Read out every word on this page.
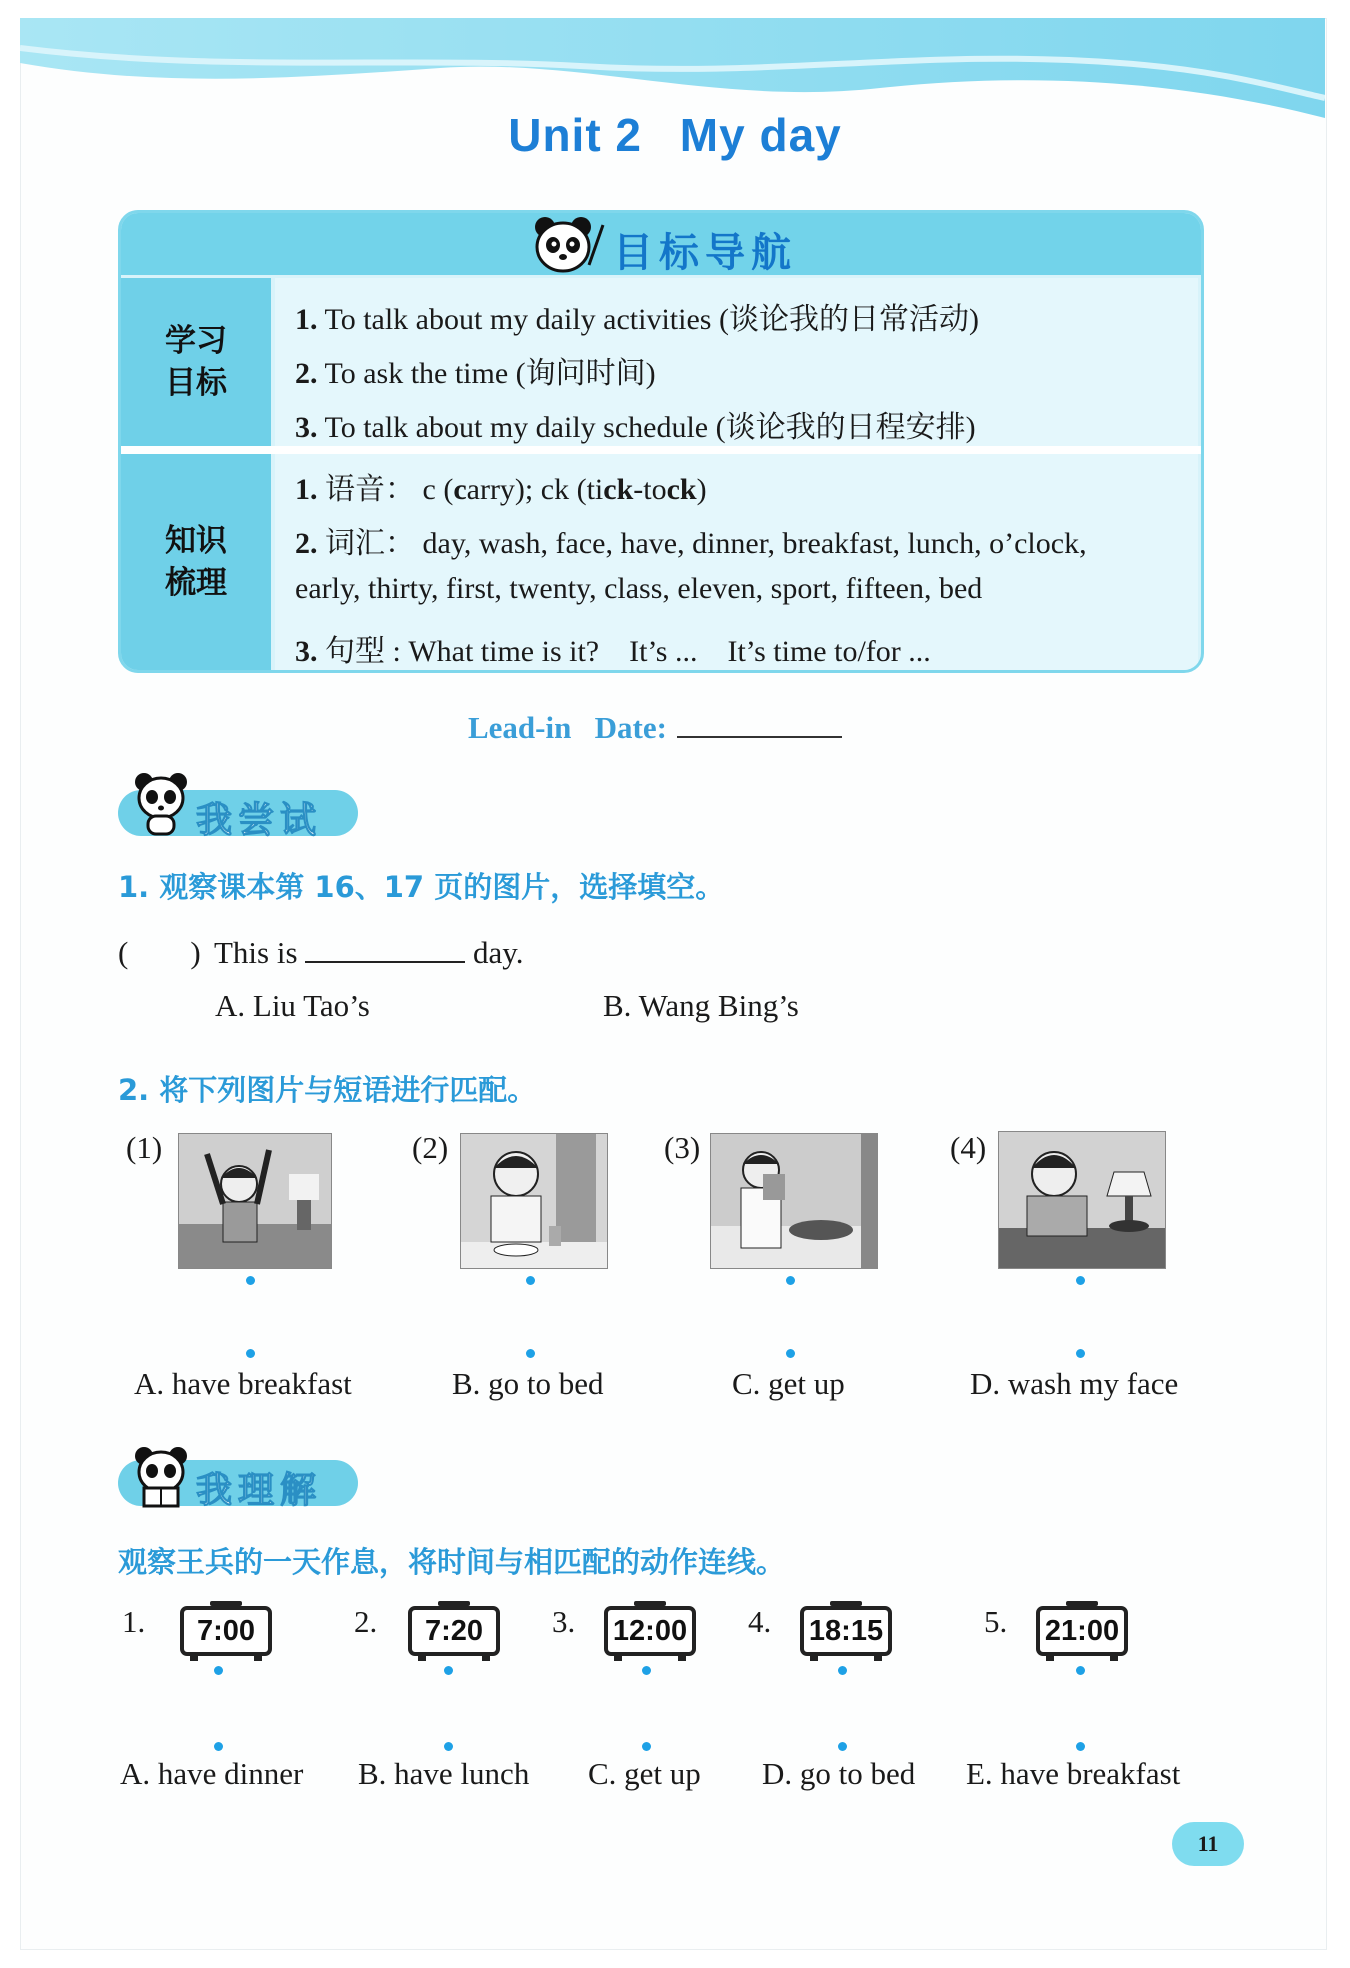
Unit 2 My day
目标导航
学习目标
1. To talk about my daily activities (谈论我的日常活动)
2. To ask the time (询问时间)
3. To talk about my daily schedule (谈论我的日程安排)
知识梳理
1. 语音： c (carry); ck (tick-tock)
2. 词汇： day, wash, face, have, dinner, breakfast, lunch, o’clock,
early, thirty, first, twenty, class, eleven, sport, fifteen, bed
3. 句型 : What time is it?    It’s ...    It’s time to/for ...
Lead-in Date:
我尝试
1. 观察课本第 16、17 页的图片，选择填空。
(        ) This is	day.
A. Liu Tao’s	B. Wang Bing’s
2. 将下列图片与短语进行匹配。
(1)	(2)	(3)	(4)
A. have breakfast	B. go to bed	C. get up	D. wash my face
我理解
观察王兵的一天作息，将时间与相匹配的动作连线。
1.	7:00	2.	7:20	3.	12:00 4.	18:15	5.	21:00
A. have dinner B. have lunch C. get up D. go to bed E. have breakfast
11
